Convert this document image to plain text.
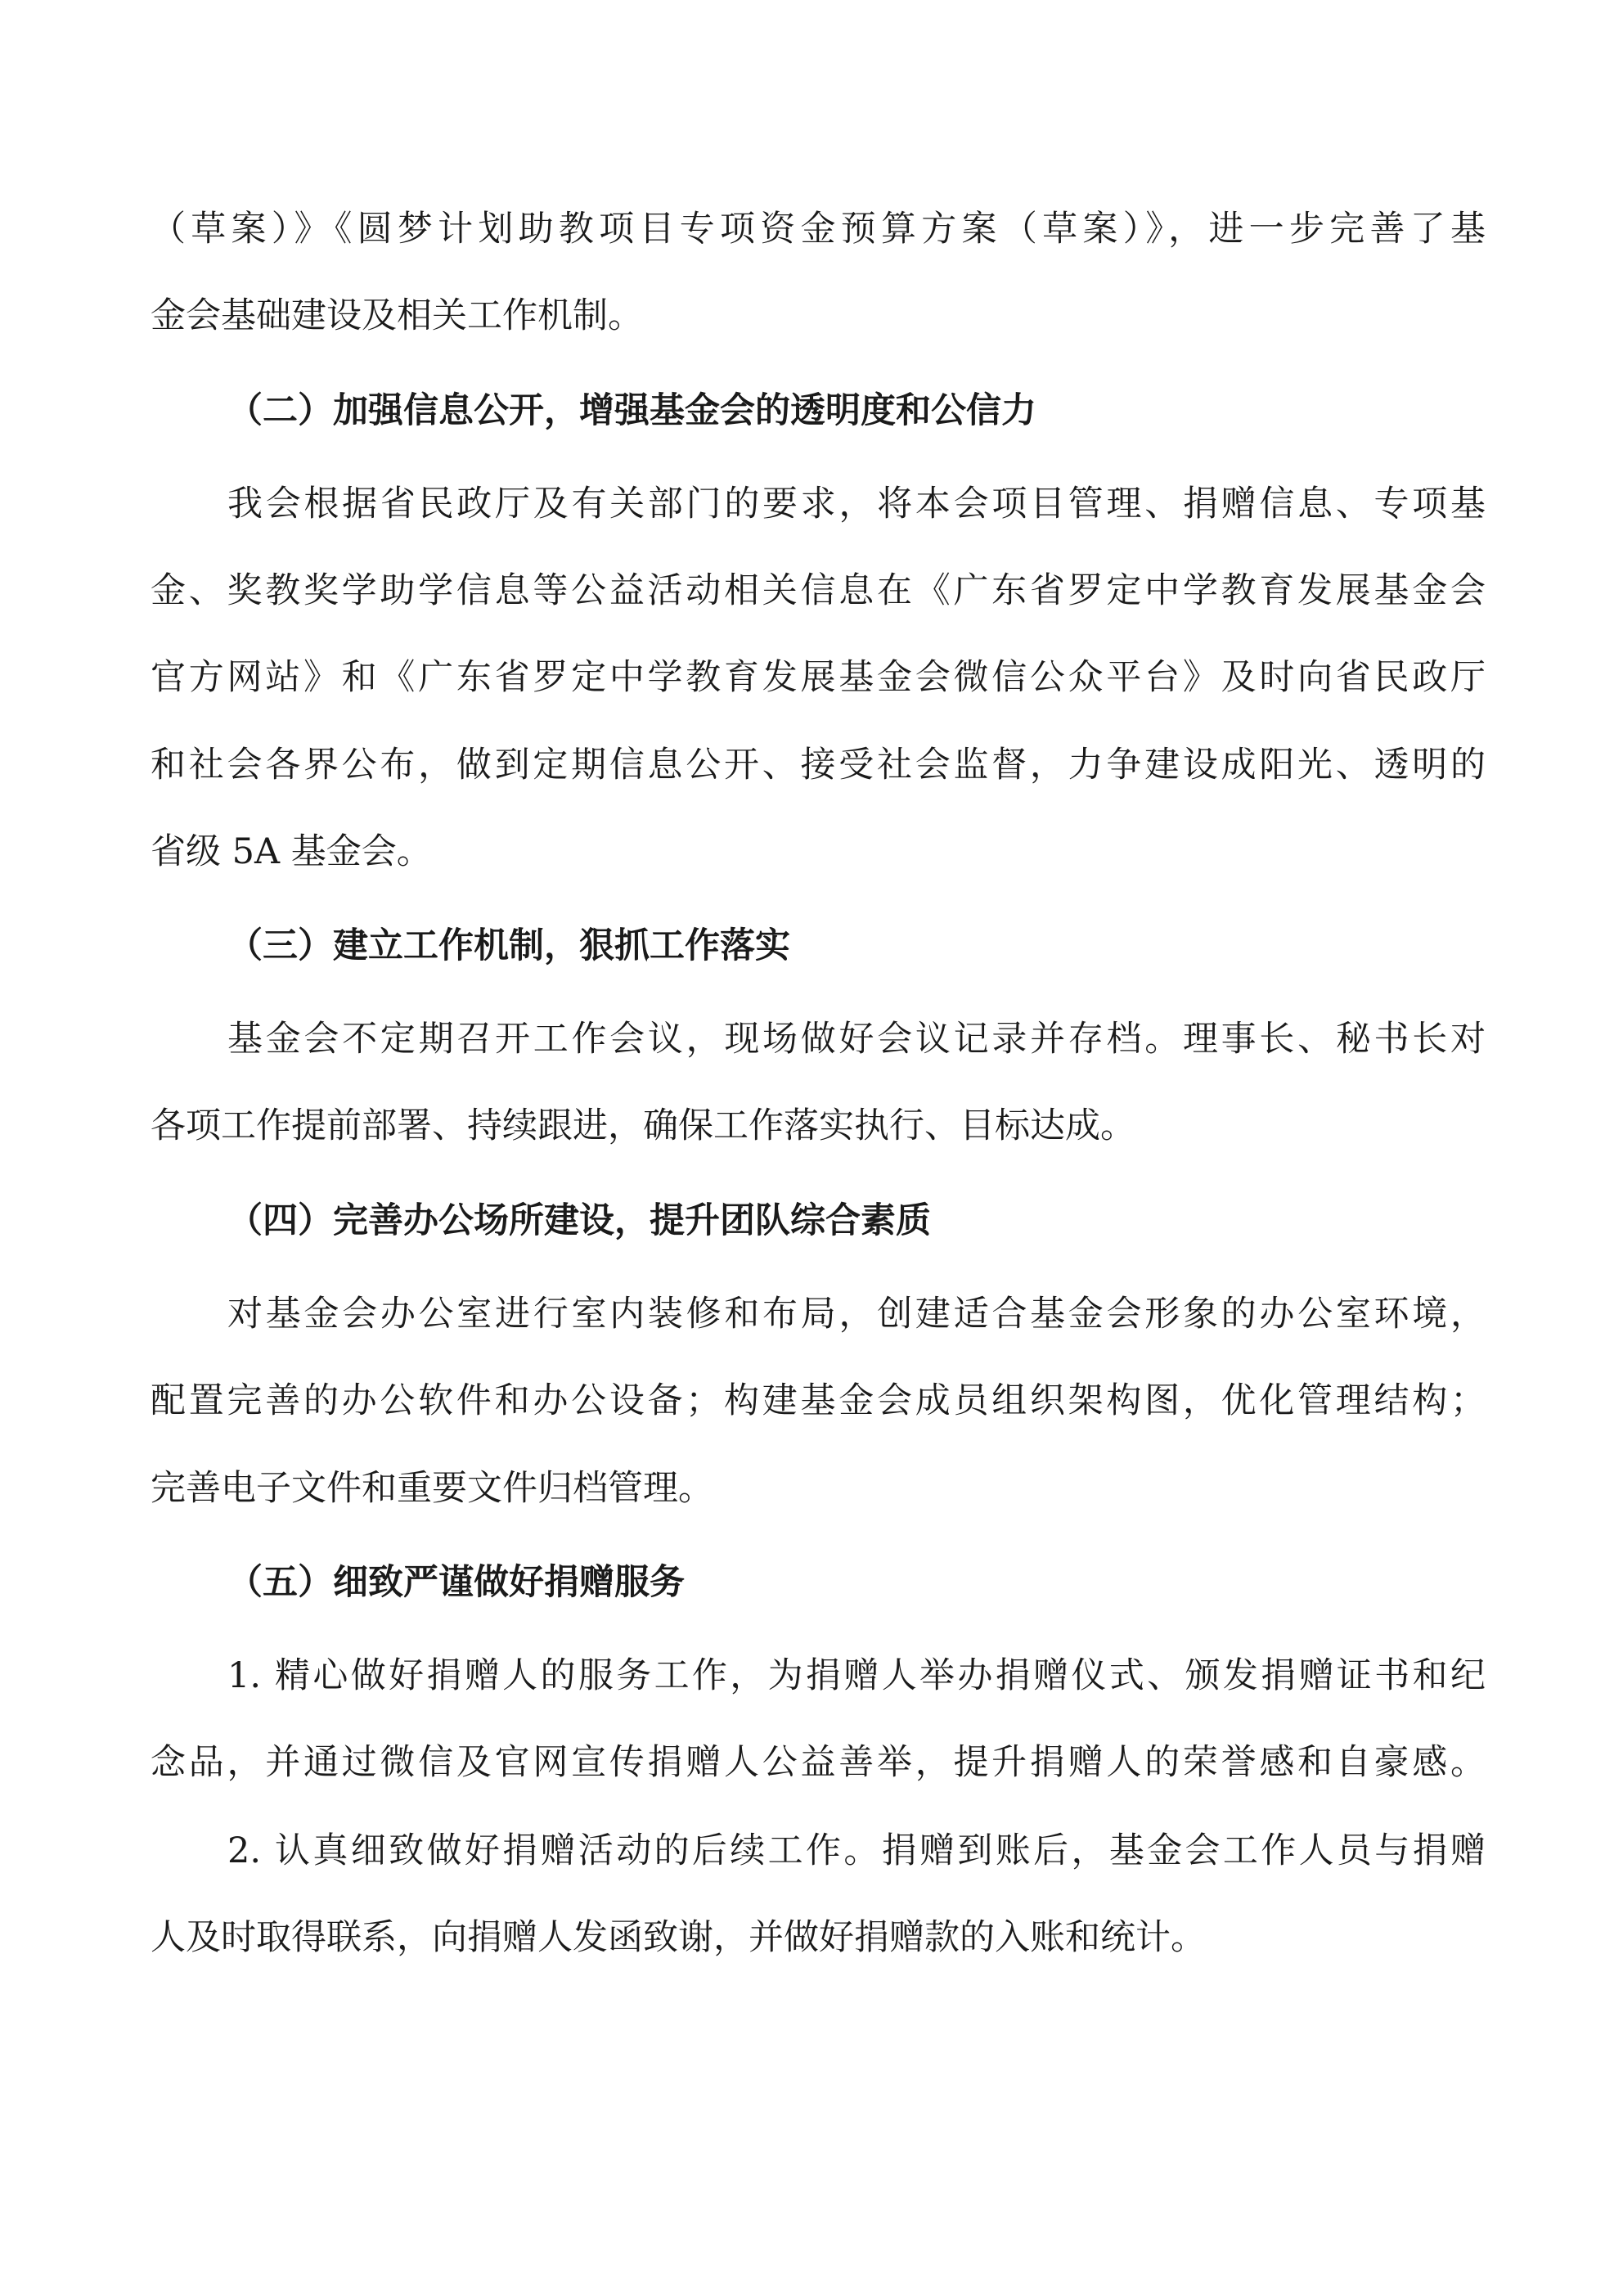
（草案）》《圆梦计划助教项目专项资金预算方案（草案）》，进一步完善了基
金会基础建设及相关工作机制。
（二）加强信息公开，增强基金会的透明度和公信力
我会根据省民政厅及有关部门的要求，将本会项目管理、捐赠信息、专项基
金、奖教奖学助学信息等公益活动相关信息在《广东省罗定中学教育发展基金会
官方网站》和《广东省罗定中学教育发展基金会微信公众平台》及时向省民政厅
和社会各界公布，做到定期信息公开、接受社会监督，力争建设成阳光、透明的
省级 5A 基金会。
（三）建立工作机制，狠抓工作落实
基金会不定期召开工作会议，现场做好会议记录并存档。理事长、秘书长对
各项工作提前部署、持续跟进，确保工作落实执行、目标达成。
（四）完善办公场所建设，提升团队综合素质
对基金会办公室进行室内装修和布局，创建适合基金会形象的办公室环境，
配置完善的办公软件和办公设备；构建基金会成员组织架构图，优化管理结构；
完善电子文件和重要文件归档管理。
（五）细致严谨做好捐赠服务
1. 精心做好捐赠人的服务工作，为捐赠人举办捐赠仪式、颁发捐赠证书和纪
念品，并通过微信及官网宣传捐赠人公益善举，提升捐赠人的荣誉感和自豪感。
2. 认真细致做好捐赠活动的后续工作。捐赠到账后，基金会工作人员与捐赠
人及时取得联系，向捐赠人发函致谢，并做好捐赠款的入账和统计。
